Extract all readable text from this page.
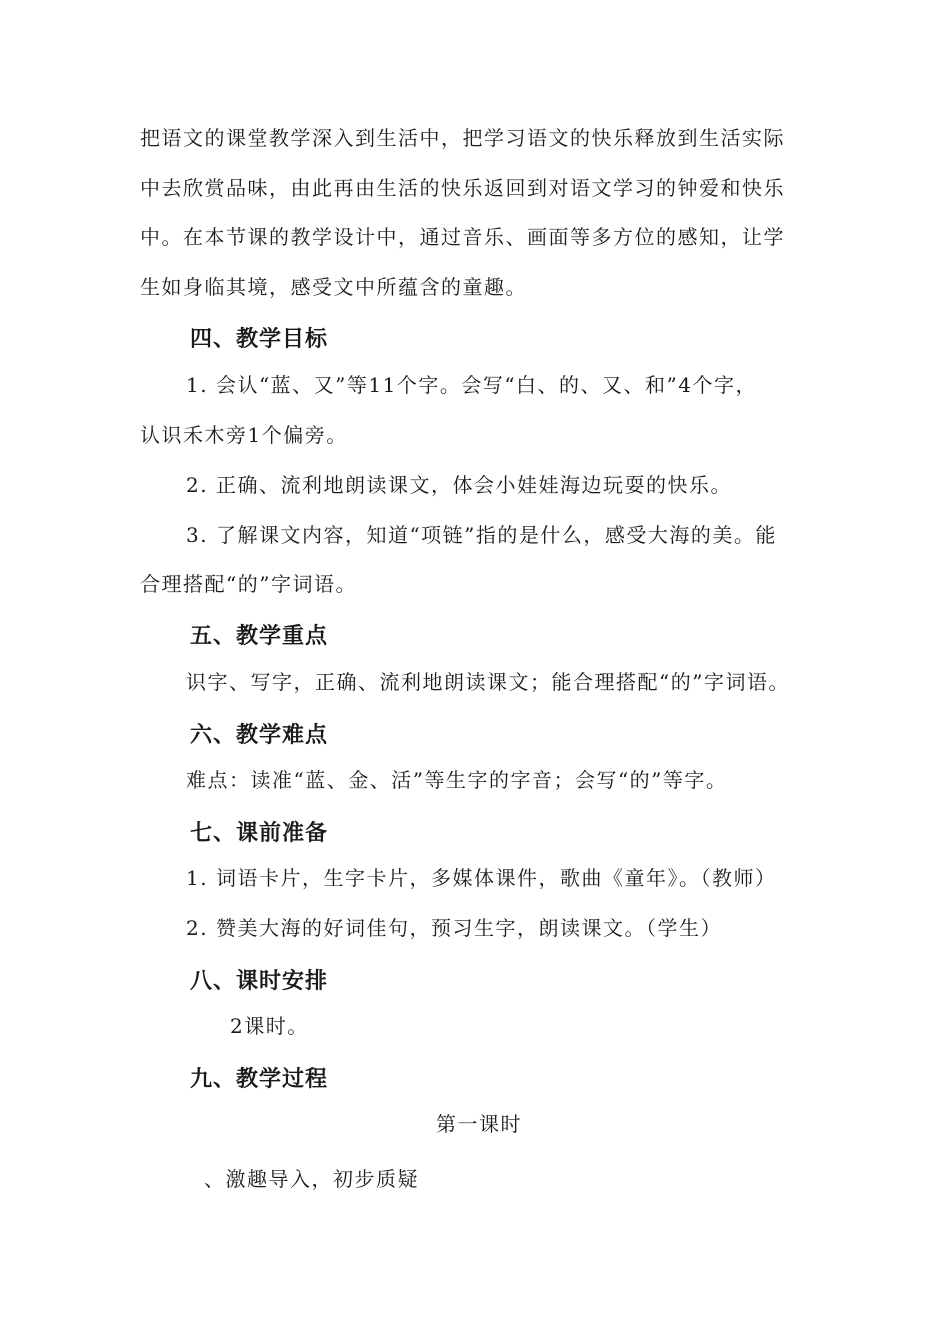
把语文的课堂教学深入到生活中，把学习语文的快乐释放到生活实际
中去欣赏品味，由此再由生活的快乐返回到对语文学习的钟爱和快乐
中。在本节课的教学设计中，通过音乐、画面等多方位的感知，让学
生如身临其境，感受文中所蕴含的童趣。
四、教学目标
1. 会认“蓝、又”等11个字。会写“白、的、又、和”4个字，
认识禾木旁1个偏旁。
2. 正确、流利地朗读课文，体会小娃娃海边玩耍的快乐。
3. 了解课文内容，知道“项链”指的是什么，感受大海的美。能
合理搭配“的”字词语。
五、教学重点
识字、写字，正确、流利地朗读课文；能合理搭配“的”字词语。
六、教学难点
难点：读准“蓝、金、活”等生字的字音；会写“的”等字。
七、课前准备
1. 词语卡片，生字卡片，多媒体课件，歌曲《童年》。（教师）
2. 赞美大海的好词佳句，预习生字，朗读课文。（学生）
八、课时安排
2课时。
九、教学过程
第一课时
、激趣导入，初步质疑
